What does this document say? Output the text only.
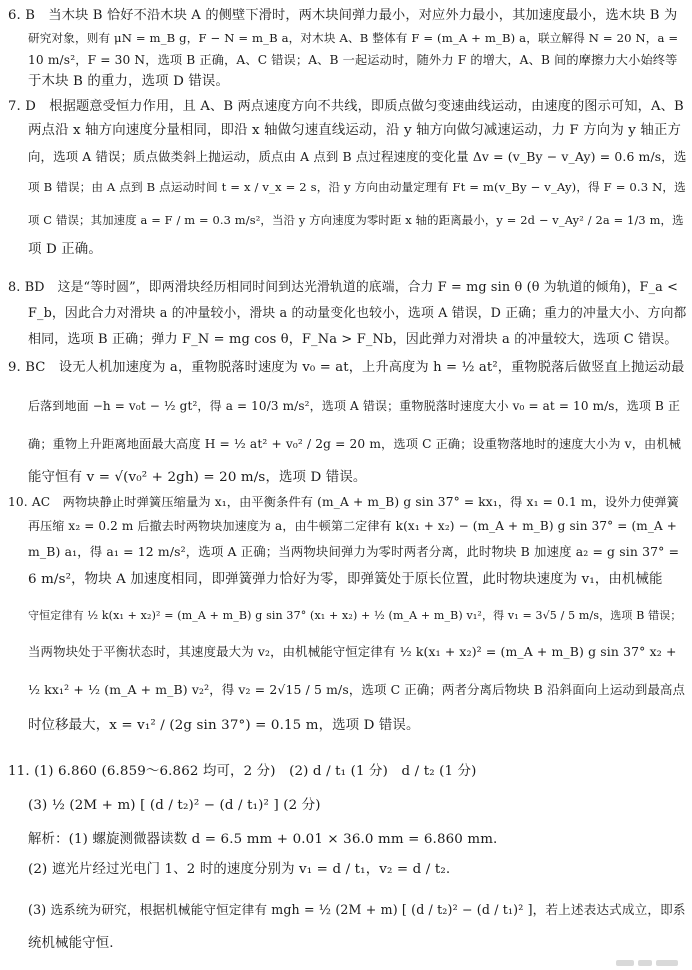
6. B　当木块 B 恰好不沿木块 A 的侧壁下滑时，两木块间弹力最小，对应外力最小，其加速度最小，选木块 B 为
研究对象，则有 μN = m_B g，F − N = m_B a，对木块 A、B 整体有 F = (m_A + m_B) a，联立解得 N = 20 N，a =
10 m/s²，F = 30 N，选项 B 正确，A、C 错误；A、B 一起运动时，随外力 F 的增大，A、B 间的摩擦力大小始终等
于木块 B 的重力，选项 D 错误。
7. D　根据题意受恒力作用，且 A、B 两点速度方向不共线，即质点做匀变速曲线运动，由速度的图示可知，A、B
两点沿 x 轴方向速度分量相同，即沿 x 轴做匀速直线运动，沿 y 轴方向做匀减速运动，力 F 方向为 y 轴正方
向，选项 A 错误；质点做类斜上抛运动，质点由 A 点到 B 点过程速度的变化量 Δv = (v_By − v_Ay) = 0.6 m/s，选
项 B 错误；由 A 点到 B 点运动时间 t = x / v_x = 2 s，沿 y 方向由动量定理有 Ft = m(v_By − v_Ay)，得 F = 0.3 N，选
项 C 错误；其加速度 a = F / m = 0.3 m/s²，当沿 y 方向速度为零时距 x 轴的距离最小，y = 2d − v_Ay² / 2a = 1/3 m，选
项 D 正确。
8. BD　这是“等时圆”，即两滑块经历相同时间到达光滑轨道的底端，合力 F = mg sin θ (θ 为轨道的倾角)，F_a <
F_b，因此合力对滑块 a 的冲量较小，滑块 a 的动量变化也较小，选项 A 错误，D 正确；重力的冲量大小、方向都
相同，选项 B 正确；弹力 F_N = mg cos θ，F_Na > F_Nb，因此弹力对滑块 a 的冲量较大，选项 C 错误。
9. BC　设无人机加速度为 a，重物脱落时速度为 v₀ = at，上升高度为 h = ½ at²，重物脱落后做竖直上抛运动最
后落到地面 −h = v₀t − ½ gt²，得 a = 10/3 m/s²，选项 A 错误；重物脱落时速度大小 v₀ = at = 10 m/s，选项 B 正
确；重物上升距离地面最大高度 H = ½ at² + v₀² / 2g = 20 m，选项 C 正确；设重物落地时的速度大小为 v，由机械
能守恒有 v = √(v₀² + 2gh) = 20 m/s，选项 D 错误。
10. AC　两物块静止时弹簧压缩量为 x₁，由平衡条件有 (m_A + m_B) g sin 37° = kx₁，得 x₁ = 0.1 m，设外力使弹簧
再压缩 x₂ = 0.2 m 后撤去时两物块加速度为 a，由牛顿第二定律有 k(x₁ + x₂) − (m_A + m_B) g sin 37° = (m_A +
m_B) a₁，得 a₁ = 12 m/s²，选项 A 正确；当两物块间弹力为零时两者分离，此时物块 B 加速度 a₂ = g sin 37° =
6 m/s²，物块 A 加速度相同，即弹簧弹力恰好为零，即弹簧处于原长位置，此时物块速度为 v₁，由机械能
守恒定律有 ½ k(x₁ + x₂)² = (m_A + m_B) g sin 37° (x₁ + x₂) + ½ (m_A + m_B) v₁²，得 v₁ = 3√5 / 5 m/s，选项 B 错误；
当两物块处于平衡状态时，其速度最大为 v₂，由机械能守恒定律有 ½ k(x₁ + x₂)² = (m_A + m_B) g sin 37° x₂ +
½ kx₁² + ½ (m_A + m_B) v₂²，得 v₂ = 2√15 / 5 m/s，选项 C 正确；两者分离后物块 B 沿斜面向上运动到最高点
时位移最大，x = v₁² / (2g sin 37°) = 0.15 m，选项 D 错误。
11. (1) 6.860 (6.859～6.862 均可，2 分)　(2) d / t₁ (1 分)　d / t₂ (1 分)
(3) ½ (2M + m) [ (d / t₂)² − (d / t₁)² ] (2 分)
解析：(1) 螺旋测微器读数 d = 6.5 mm + 0.01 × 36.0 mm = 6.860 mm.
(2) 遮光片经过光电门 1、2 时的速度分别为 v₁ = d / t₁，v₂ = d / t₂.
(3) 选系统为研究，根据机械能守恒定律有 mgh = ½ (2M + m) [ (d / t₂)² − (d / t₁)² ]，若上述表达式成立，即系
统机械能守恒.
